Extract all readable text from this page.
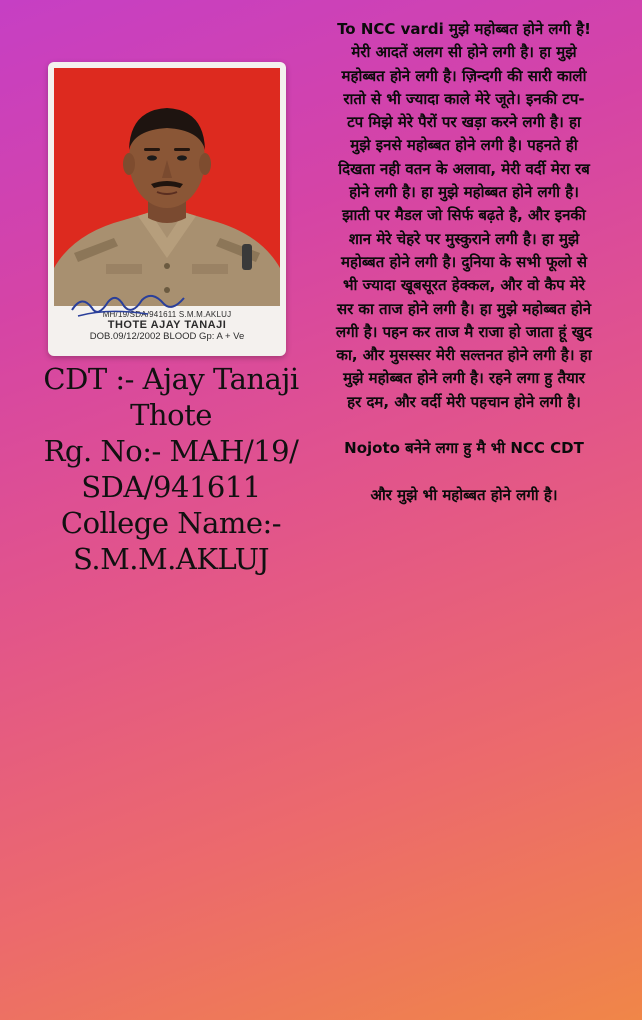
MH/19/SDA/941611 S.M.M.AKLUJ
THOTE AJAY TANAJI
DOB.09/12/2002 BLOOD Gp: A + Ve
CDT :- Ajay Tanaji
Thote
Rg. No:- MAH/19/
SDA/941611
College Name:-
S.M.M.AKLUJ
To NCC vardi मुझे महोब्बत होने लगी है! मेरी आदतें अलग सी होने लगी है। हा मुझे महोब्बत होने लगी है। ज़िन्दगी की सारी काली रातो से भी ज्यादा काले मेरे जूते। इनकी टप-टप मिझे मेरे पैरों पर खड़ा करने लगी है। हा मुझे इनसे महोब्बत होने लगी है। पहनते ही दिखता नही वतन के अलावा, मेरी वर्दी मेरा रब होने लगी है। हा मुझे महोब्बत होने लगी है। झाती पर मैडल जो सिर्फ बढ़ते है, और इनकी शान मेरे चेहरे पर मुस्कुराने लगी है। हा मुझे महोब्बत होने लगी है। दुनिया के सभी फूलो से भी ज्यादा खूबसूरत हेक्कल, और वो कैप मेरे सर का ताज होने लगी है। हा मुझे महोब्बत होने लगी है। पहन कर ताज मै राजा हो जाता हूं खुद का, और मुसस्सर मेरी सल्तनत होने लगी है। हा मुझे महोब्बत होने लगी है। रहने लगा हु तैयार हर दम, और वर्दी मेरी पहचान होने लगी है।

Nojoto बनेने लगा हु मै भी NCC CDT

और मुझे भी महोब्बत होने लगी है।
